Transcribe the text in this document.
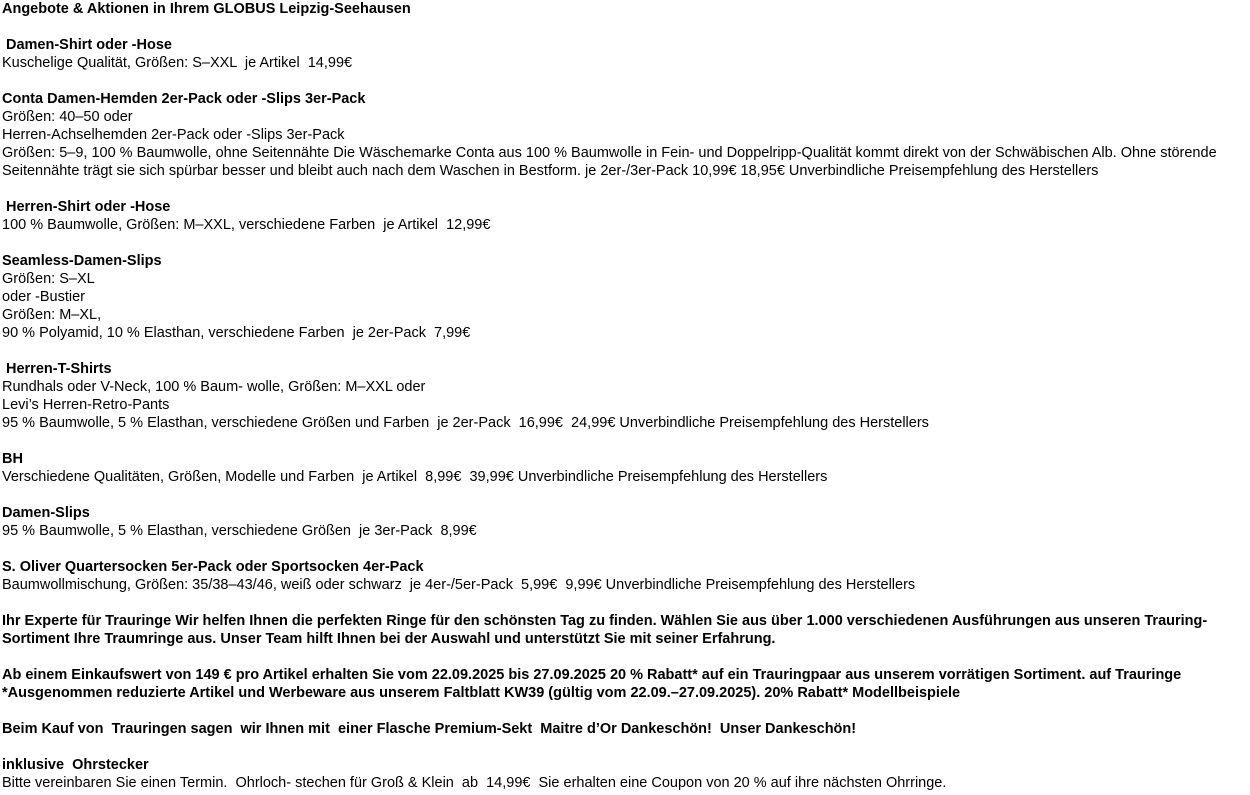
Angebote & Aktionen in Ihrem GLOBUS Leipzig-Seehausen

Damen-Shirt oder -Hose

Kuschelige Qualität, Größen: S–XXL  je Artikel  14,99€

Conta Damen-Hemden 2er-Pack oder -Slips 3er-Pack

Größen: 40–50 oder

Herren-Achselhemden 2er-Pack oder -Slips 3er-Pack

Größen: 5–9, 100 % Baumwolle, ohne Seitennähte Die Wäschemarke Conta aus 100 % Baumwolle in Fein- und Doppelripp-Qualität kommt direkt von der Schwäbischen Alb. Ohne störende Seitennähte trägt sie sich spürbar besser und bleibt auch nach dem Waschen in Bestform. je 2er-/3er-Pack 10,99€ 18,95€ Unverbindliche Preisempfehlung des Herstellers

Herren-Shirt oder -Hose

100 % Baumwolle, Größen: M–XXL, verschiedene Farben  je Artikel  12,99€

Seamless-Damen-Slips

Größen: S–XL

oder -Bustier

Größen: M–XL,

90 % Polyamid, 10 % Elasthan, verschiedene Farben  je 2er-Pack  7,99€

Herren-T-Shirts

Rundhals oder V-Neck, 100 % Baum- wolle, Größen: M–XXL oder

Levi’s Herren-Retro-Pants

95 % Baumwolle, 5 % Elasthan, verschiedene Größen und Farben  je 2er-Pack  16,99€  24,99€ Unverbindliche Preisempfehlung des Herstellers

BH

Verschiedene Qualitäten, Größen, Modelle und Farben  je Artikel  8,99€  39,99€ Unverbindliche Preisempfehlung des Herstellers

Damen-Slips

95 % Baumwolle, 5 % Elasthan, verschiedene Größen  je 3er-Pack  8,99€

S. Oliver Quartersocken 5er-Pack oder Sportsocken 4er-Pack

Baumwollmischung, Größen: 35/38–43/46, weiß oder schwarz  je 4er-/5er-Pack  5,99€  9,99€ Unverbindliche Preisempfehlung des Herstellers

Ihr Experte für Trauringe Wir helfen Ihnen die perfekten Ringe für den schönsten Tag zu finden. Wählen Sie aus über 1.000 verschiedenen Ausführungen aus unseren Trauring-Sortiment Ihre Traumringe aus. Unser Team hilft Ihnen bei der Auswahl und unterstützt Sie mit seiner Erfahrung.

Ab einem Einkaufswert von 149 € pro Artikel erhalten Sie vom 22.09.2025 bis 27.09.2025 20 % Rabatt* auf ein Trauringpaar aus unserem vorrätigen Sortiment. auf Trauringe *Ausgenommen reduzierte Artikel und Werbeware aus unserem Faltblatt KW39 (gültig vom 22.09.–27.09.2025). 20% Rabatt* Modellbeispiele

Beim Kauf von  Trauringen sagen  wir Ihnen mit  einer Flasche Premium-Sekt  Maitre d’Or Dankeschön!  Unser Dankeschön!

inklusive  Ohrstecker

Bitte vereinbaren Sie einen Termin.  Ohrloch- stechen für Groß & Klein  ab  14,99€  Sie erhalten eine Coupon von 20 % auf ihre nächsten Ohrringe.
